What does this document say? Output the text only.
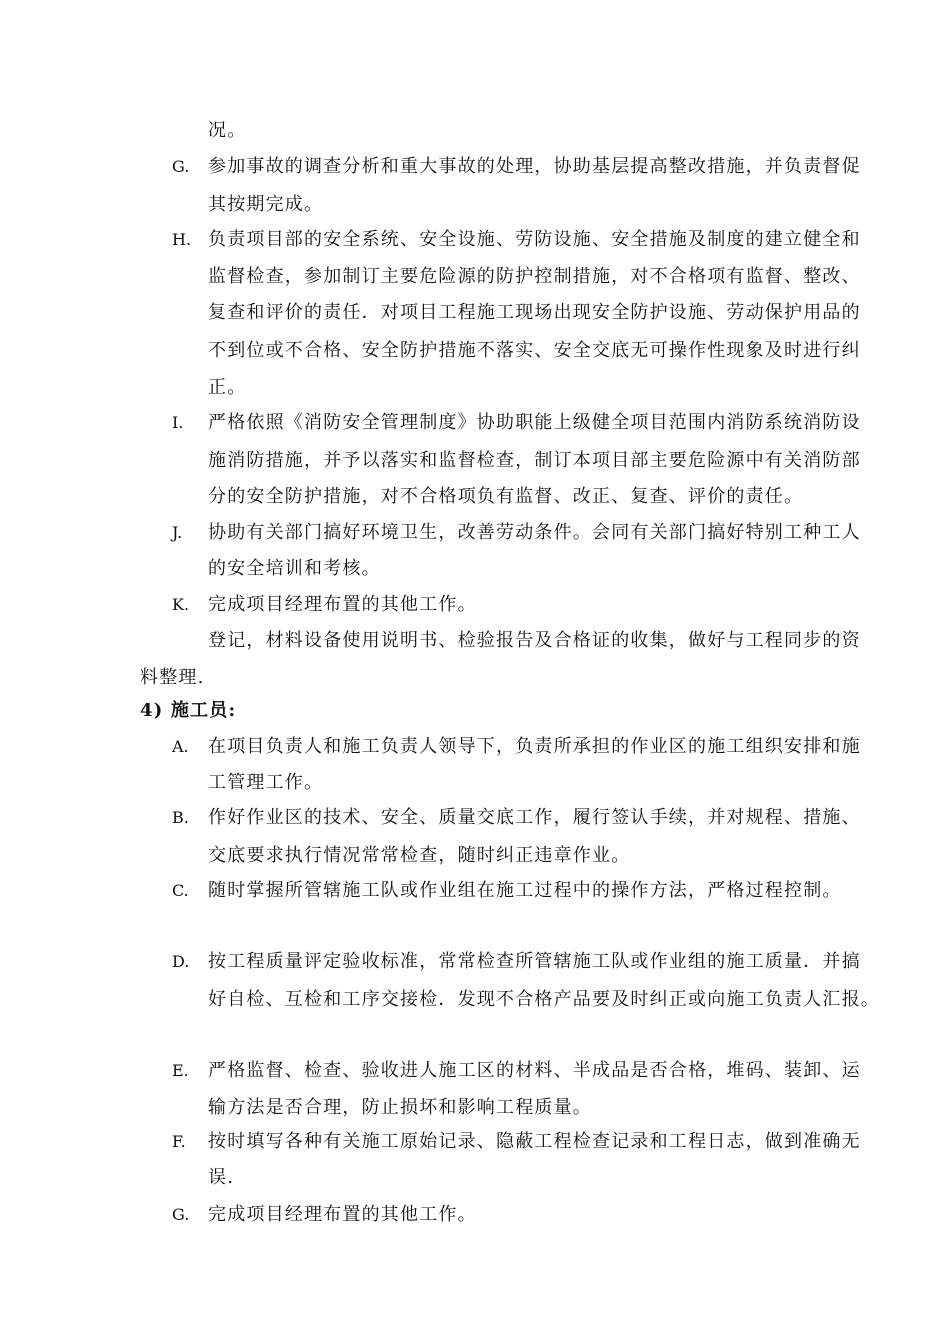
况。
G. 参加事故的调查分析和重大事故的处理，协助基层提高整改措施，并负责督促
其按期完成。
H. 负责项目部的安全系统、安全设施、劳防设施、安全措施及制度的建立健全和
监督检查，参加制订主要危险源的防护控制措施，对不合格项有监督、整改、
复查和评价的责任．对项目工程施工现场出现安全防护设施、劳动保护用品的
不到位或不合格、安全防护措施不落实、安全交底无可操作性现象及时进行纠
正。
I. 严格依照《消防安全管理制度》协助职能上级健全项目范围内消防系统消防设
施消防措施，并予以落实和监督检查，制订本项目部主要危险源中有关消防部
分的安全防护措施，对不合格项负有监督、改正、复查、评价的责任。
J. 协助有关部门搞好环境卫生，改善劳动条件。会同有关部门搞好特别工种工人
的安全培训和考核。
K. 完成项目经理布置的其他工作。
登记，材料设备使用说明书、检验报告及合格证的收集，做好与工程同步的资
料整理.
4) 施工员:
A. 在项目负责人和施工负责人领导下，负责所承担的作业区的施工组织安排和施
工管理工作。
B. 作好作业区的技术、安全、质量交底工作，履行签认手续，并对规程、措施、
交底要求执行情况常常检查，随时纠正违章作业。
C. 随时掌握所管辖施工队或作业组在施工过程中的操作方法，严格过程控制。
D. 按工程质量评定验收标准，常常检查所管辖施工队或作业组的施工质量．并搞
好自检、互检和工序交接检．发现不合格产品要及时纠正或向施工负责人汇报。
E. 严格监督、检查、验收进人施工区的材料、半成品是否合格，堆码、装卸、运
输方法是否合理，防止损坏和影响工程质量。
F. 按时填写各种有关施工原始记录、隐蔽工程检查记录和工程日志，做到准确无
误.
G. 完成项目经理布置的其他工作。
